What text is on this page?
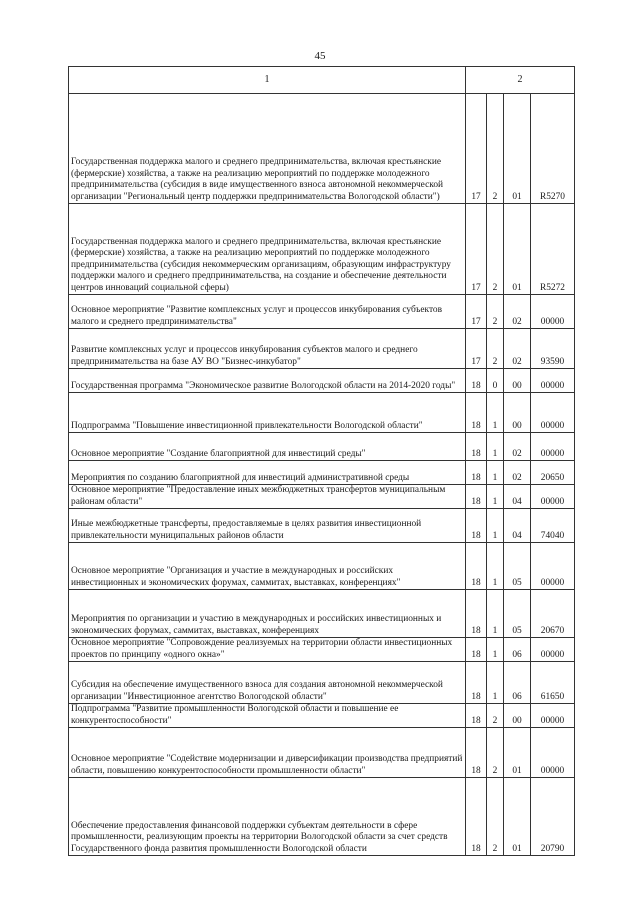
45
1	2			
Государственная поддержка малого и среднего предпринимательства, включая крестьянские (фермерские) хозяйства, а также на реализацию мероприятий по поддержке молодежного предпринимательства (субсидия в виде имущественного взноса автономной некоммерческой организации "Региональный центр поддержки предпринимательства Вологодской области")	17	2	01	R5270
Государственная поддержка малого и среднего предпринимательства, включая крестьянские (фермерские) хозяйства, а также на реализацию мероприятий по поддержке молодежного предпринимательства (субсидия некоммерческим организациям, образующим инфраструктуру поддержки малого и среднего предпринимательства, на создание и обеспечение деятельности центров инноваций социальной сферы)	17	2	01	R5272
Основное мероприятие "Развитие комплексных услуг и процессов инкубирования субъектов малого и среднего предпринимательства"	17	2	02	00000
Развитие комплексных услуг и процессов инкубирования субъектов малого и среднего предпринимательства на базе АУ ВО "Бизнес-инкубатор"	17	2	02	93590
Государственная программа "Экономическое развитие Вологодской области на 2014-2020 годы"	18	0	00	00000
Подпрограмма "Повышение инвестиционной привлекательности Вологодской области"	18	1	00	00000
Основное мероприятие "Создание благоприятной для инвестиций среды"	18	1	02	00000
Мероприятия по созданию благоприятной для инвестиций административной среды	18	1	02	20650
Основное мероприятие "Предоставление иных межбюджетных трансфертов муниципальным районам области"	18	1	04	00000
Иные межбюджетные трансферты, предоставляемые в целях развития инвестиционной привлекательности муниципальных районов области	18	1	04	74040
Основное мероприятие "Организация и участие в международных и российских инвестиционных и экономических форумах, саммитах, выставках, конференциях"	18	1	05	00000
Мероприятия по организации и участию в международных и российских инвестиционных и экономических форумах, саммитах, выставках, конференциях	18	1	05	20670
Основное мероприятие "Сопровождение реализуемых на территории области инвестиционных проектов по принципу «одного окна»"	18	1	06	00000
Субсидия на обеспечение имущественного взноса для создания автономной некоммерческой организации "Инвестиционное агентство Вологодской области"	18	1	06	61650
Подпрограмма "Развитие промышленности Вологодской области и повышение ее конкурентоспособности"	18	2	00	00000
Основное мероприятие "Содействие модернизации и диверсификации производства предприятий области, повышению конкурентоспособности промышленности области"	18	2	01	00000
Обеспечение предоставления финансовой поддержки субъектам деятельности в сфере промышленности, реализующим проекты на территории Вологодской области за счет средств Государственного фонда развития промышленности Вологодской области	18	2	01	20790
